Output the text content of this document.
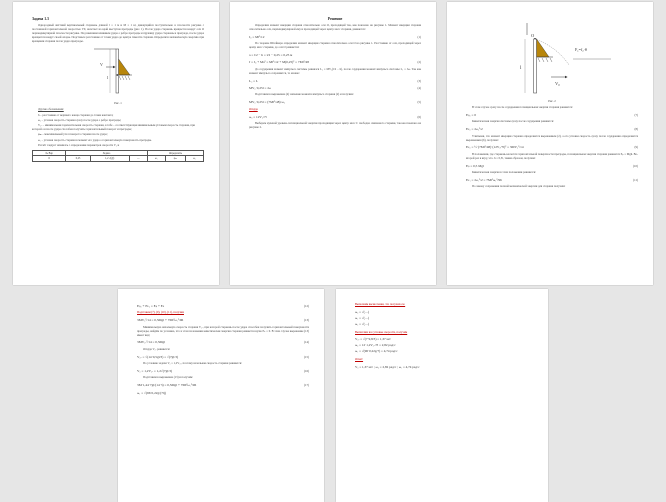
Задача 1.3

Однородный жёсткий вертикальный стержень длиной l = 1 м и M = 1 кг, движущийся поступательно в плоскости рисунка с постоянной горизонтальной скоростью V0, налетает на край выступов преграды (рис. 1). После удара стержень вращается вокруг оси O перпендикулярной плоскости рисунка. Под внешним влиянием удара о ребро преграды и пружину удара стержень и преграда, после удара вращается вокруг своей опоры. Подставьте расстояние от точки удара до центра тяжести стержня. Определите механическую энергию при вращении стержня после удара преграды.

V
l
Рис. 1

Другие обозначения:

h – расстояние от верхнего конца стержня до точки контакта;

ω₀ – угловая скорость стержня сразу после удара о ребро преграды;

V₀ₒ – минимальная горизонтальная скорость стержня, в тебе – соответствующая минимальным угловым скорость стержня, при которой он после удара способен получить горизонтальный поворот и преграды;

φₘ – максимальный угол поворота стержня после удара;

ω₁ – угловая скорость стержня в момент его удара о горизонтальную поверхность преграды.

Расчёт следует начинать с определения параметров скорости V₀ и

№ Вар	Задано			Определить		
6	0,25	1,2 √(gl)	—	ω₁	φₘ	ω₂
Решение

Определим момент инерции стержня относительно оси O, проходящей так, как показано на рисунке 1. Момент инерции стержня относительно оси, перпендикулярной ему и проходящей через центр масс стержня, равняется:

J꜀ = Ml²/12	(1)

По теореме Штейнера определим момент инерции стержня относительно оси O на рисунке 1. Расстояние от оси, проходящей через центр масс стержня, до оси O равняется:

a = l/2 − h = l/2 − 0,25 = 0,25 м
J = J꜀ + Ma² = Ml²/12 + M(0,25)² = 7Ml²/48	(2)

До соударения момент импульса системы равнялся L₀ = MV₀(l/2 − h), после соударения момент импульса системы L₁ = Jω. Так как момент импульса сохраняется, то можно:

L₀ = L	(3)
MV₀·0,25l = Jω	(4)

Подставим в выражение (4) значение момента импульса стержня (2) и получим:

MV₀·0,25l = (7Ml²/48)·ω₀	(5)

Откуда

ω₀ = 12V₀/7l	(6)

Выберем нулевой уровень потенциальной энергии проходящим через центр масс C свободно связанного стержня, так как показано на рисунке 2.

O
l
V₀
F₁=f₂·θ
Рис. 2

В этом случае сразу после соударения потенциальная энергия стержня равняется:

Eₚ₀ = 0	(7)

Кинетическая энергия системы сразу после соударения равняется:

Eₖ₀ = Jω₀²/2	(8)

Учитывая, что момент инерции стержня определяется выражением (2), а его угловая скорость сразу после соударения определяется выражением (6), получим:

Eₖ₀ = ½·(7Ml²/48)·(12V₀/7l)² = 3MV₀²/14	(9)

В положении, где стержень касается горизонтальной поверхности преграды, потенциальная энергия стержня равняется Eₚ = Mgh. Во-второй раз в игру, что. h = 0,5l, таким образом, получим:

Eₚ = 0,5 Mgl	(10)

Кинетическая энергия в этом положении равняется:

Eₖ₁ = Jω₁²/2 = 7Ml²ω₁²/96	(11)

По закону сохранения полной механической энергии для стержня получим:

Eₚ₀ + Eₖ₀ = Eₚ + Eₖ	(12)

Подставим (7), (9), (10), (11), получим

3MV₀²/14 = 0,5Mgl + 7Ml²ω₁²/96	(13)

Минимальную начальную скорость стержня V₀ₒ, при которой стержень после удара способен получить горизонтальный поверхности преграды, найдём по условию, что в этом положении кинетическая энергия стержня равняется нулю Eₖ = 0. В этом случае выражение (13) имеет вид:

3MV₀ₒ²/14 = 0,5Mgl	(14)

Откуда V₀ₒ равняется:

V₀ₒ = √(14·0,5gl/3) = √(7gl/3)	(15)

По условию задачи V₀ = 1,2V₀ₒ, поэтому начальная скорость стержня равняется:

V₀ = 1,2V₀ₒ = 1,2√(7gl/3)	(16)

Подставим в выражение (13) и получим:

3M·1,44·7gl/(14·3) = 0,5Mgl + 7Ml²ω₁²/96	(17)
ω₁ = √(96·0,22g/(7l))

Выполним вычисления, что получилось:

ω₀ = √(…)
ω₁ = √(…)
ω₂ = √(…)

Вычислим все угловые скорости, получим

V₀ₒ = √(7·9,8/3) = 1,37 м/с
ω₀ = 12·1,2V₀ₒ/7l = 2,82 рад/с
ω₁ = √(96·0,22g/7) = 4,74 рад/с

Ответ:

V₀ = 1,37 м/с ; ω₀ = 2,82 рад/с ; ω₁ = 4,74 рад/с
